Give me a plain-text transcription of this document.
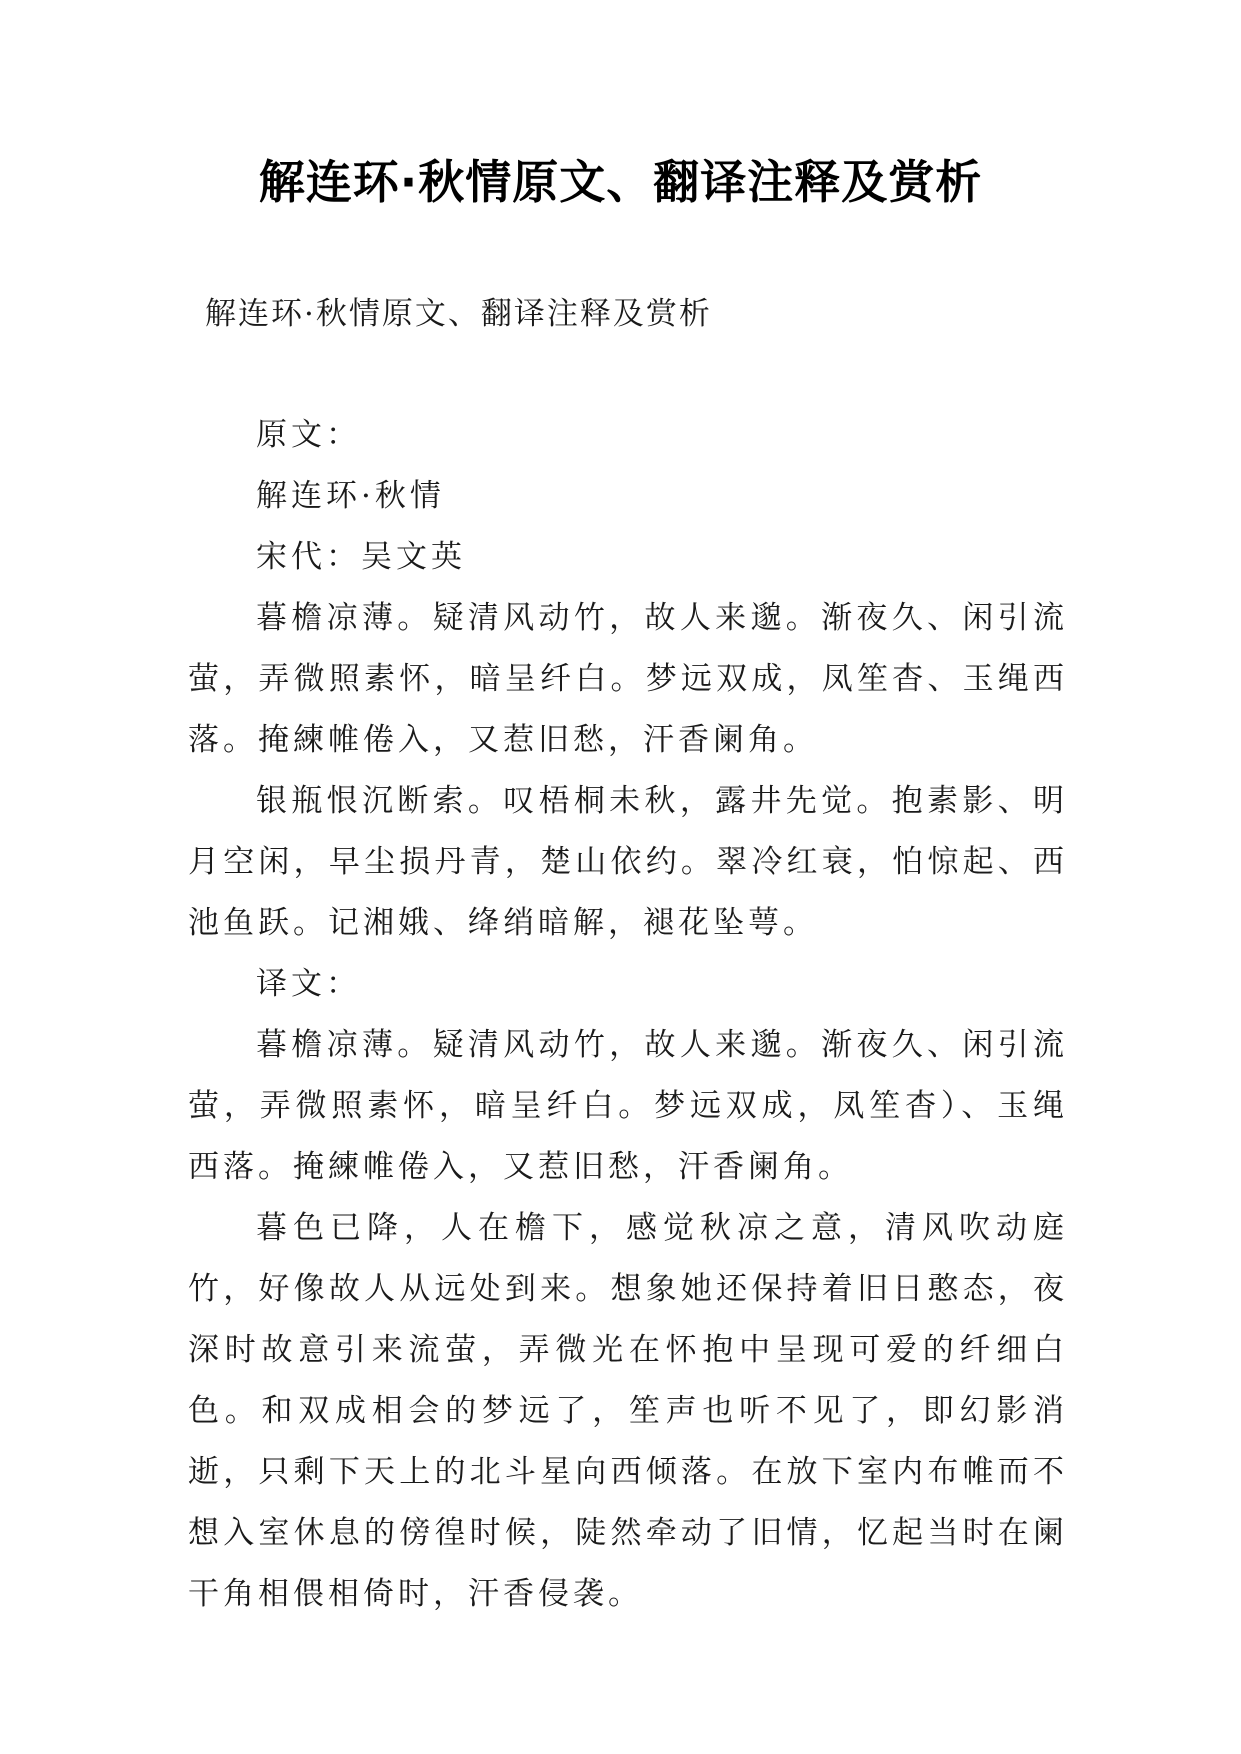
解连环·秋情原文、翻译注释及赏析

解连环·秋情原文、翻译注释及赏析

原文：

解连环·秋情

宋代：吴文英

暮檐凉薄。疑清风动竹，故人来邈。渐夜久、闲引流萤，弄微照素怀，暗呈纤白。梦远双成，凤笙杳、玉绳西落。掩練帷倦入，又惹旧愁，汗香阑角。

银瓶恨沉断索。叹梧桐未秋，露井先觉。抱素影、明月空闲，早尘损丹青，楚山依约。翠冷红衰，怕惊起、西池鱼跃。记湘娥、绛绡暗解，褪花坠萼。

译文：

暮檐凉薄。疑清风动竹，故人来邈。渐夜久、闲引流萤，弄微照素怀，暗呈纤白。梦远双成，凤笙杳）、玉绳西落。掩練帷倦入，又惹旧愁，汗香阑角。

暮色已降，人在檐下，感觉秋凉之意，清风吹动庭竹，好像故人从远处到来。想象她还保持着旧日憨态，夜深时故意引来流萤，弄微光在怀抱中呈现可爱的纤细白色。和双成相会的梦远了，笙声也听不见了，即幻影消逝，只剩下天上的北斗星向西倾落。在放下室内布帷而不想入室休息的傍徨时候，陡然牵动了旧情，忆起当时在阑干角相偎相倚时，汗香侵袭。
